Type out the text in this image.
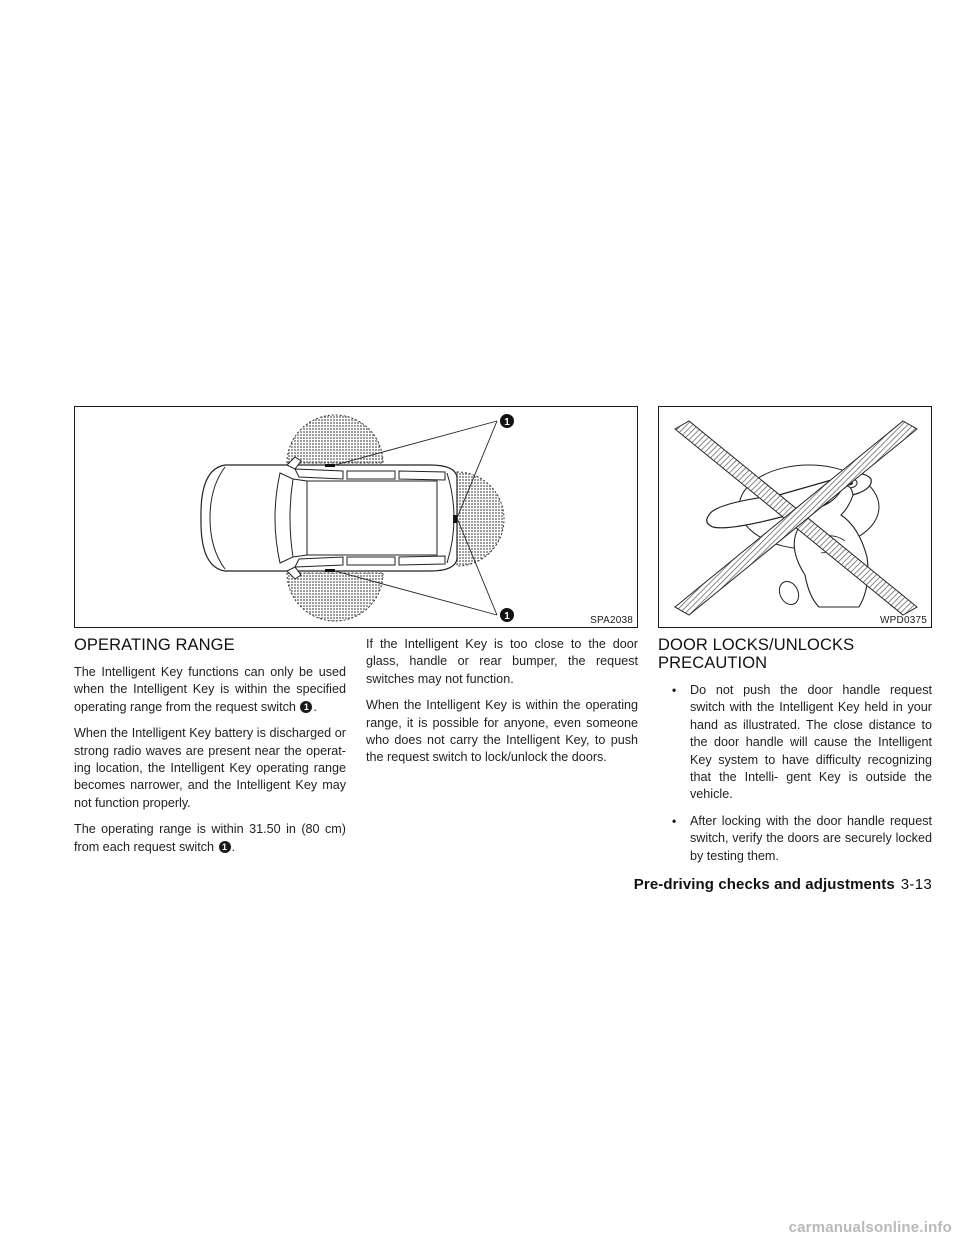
1
1	SPA2038	WPD0375
OPERATING RANGE

The Intelligent Key functions can only be used when the Intelligent Key is within the specified operating range from the request switch 1 .

When the Intelligent Key battery is discharged or strong radio waves are present near the operat- ing location, the Intelligent Key operating range becomes narrower, and the Intelligent Key may not function properly.

The operating range is within 31.50 in (80 cm) from each request switch 1 .

If the Intelligent Key is too close to the door glass, handle or rear bumper, the request switches may not function.

When the Intelligent Key is within the operating range, it is possible for anyone, even someone who does not carry the Intelligent Key, to push the request switch to lock/unlock the doors.

DOOR LOCKS/UNLOCKS
PRECAUTION
• Do not push the door handle request switch with the Intelligent Key held in your hand as illustrated. The close distance to the door handle will cause the Intelligent Key system to have difficulty recognizing that the Intelli- gent Key is outside the vehicle.
• After locking with the door handle request switch, verify the doors are securely locked by testing them.
Pre-driving checks and adjustments 3-13
carmanualsonline.info
